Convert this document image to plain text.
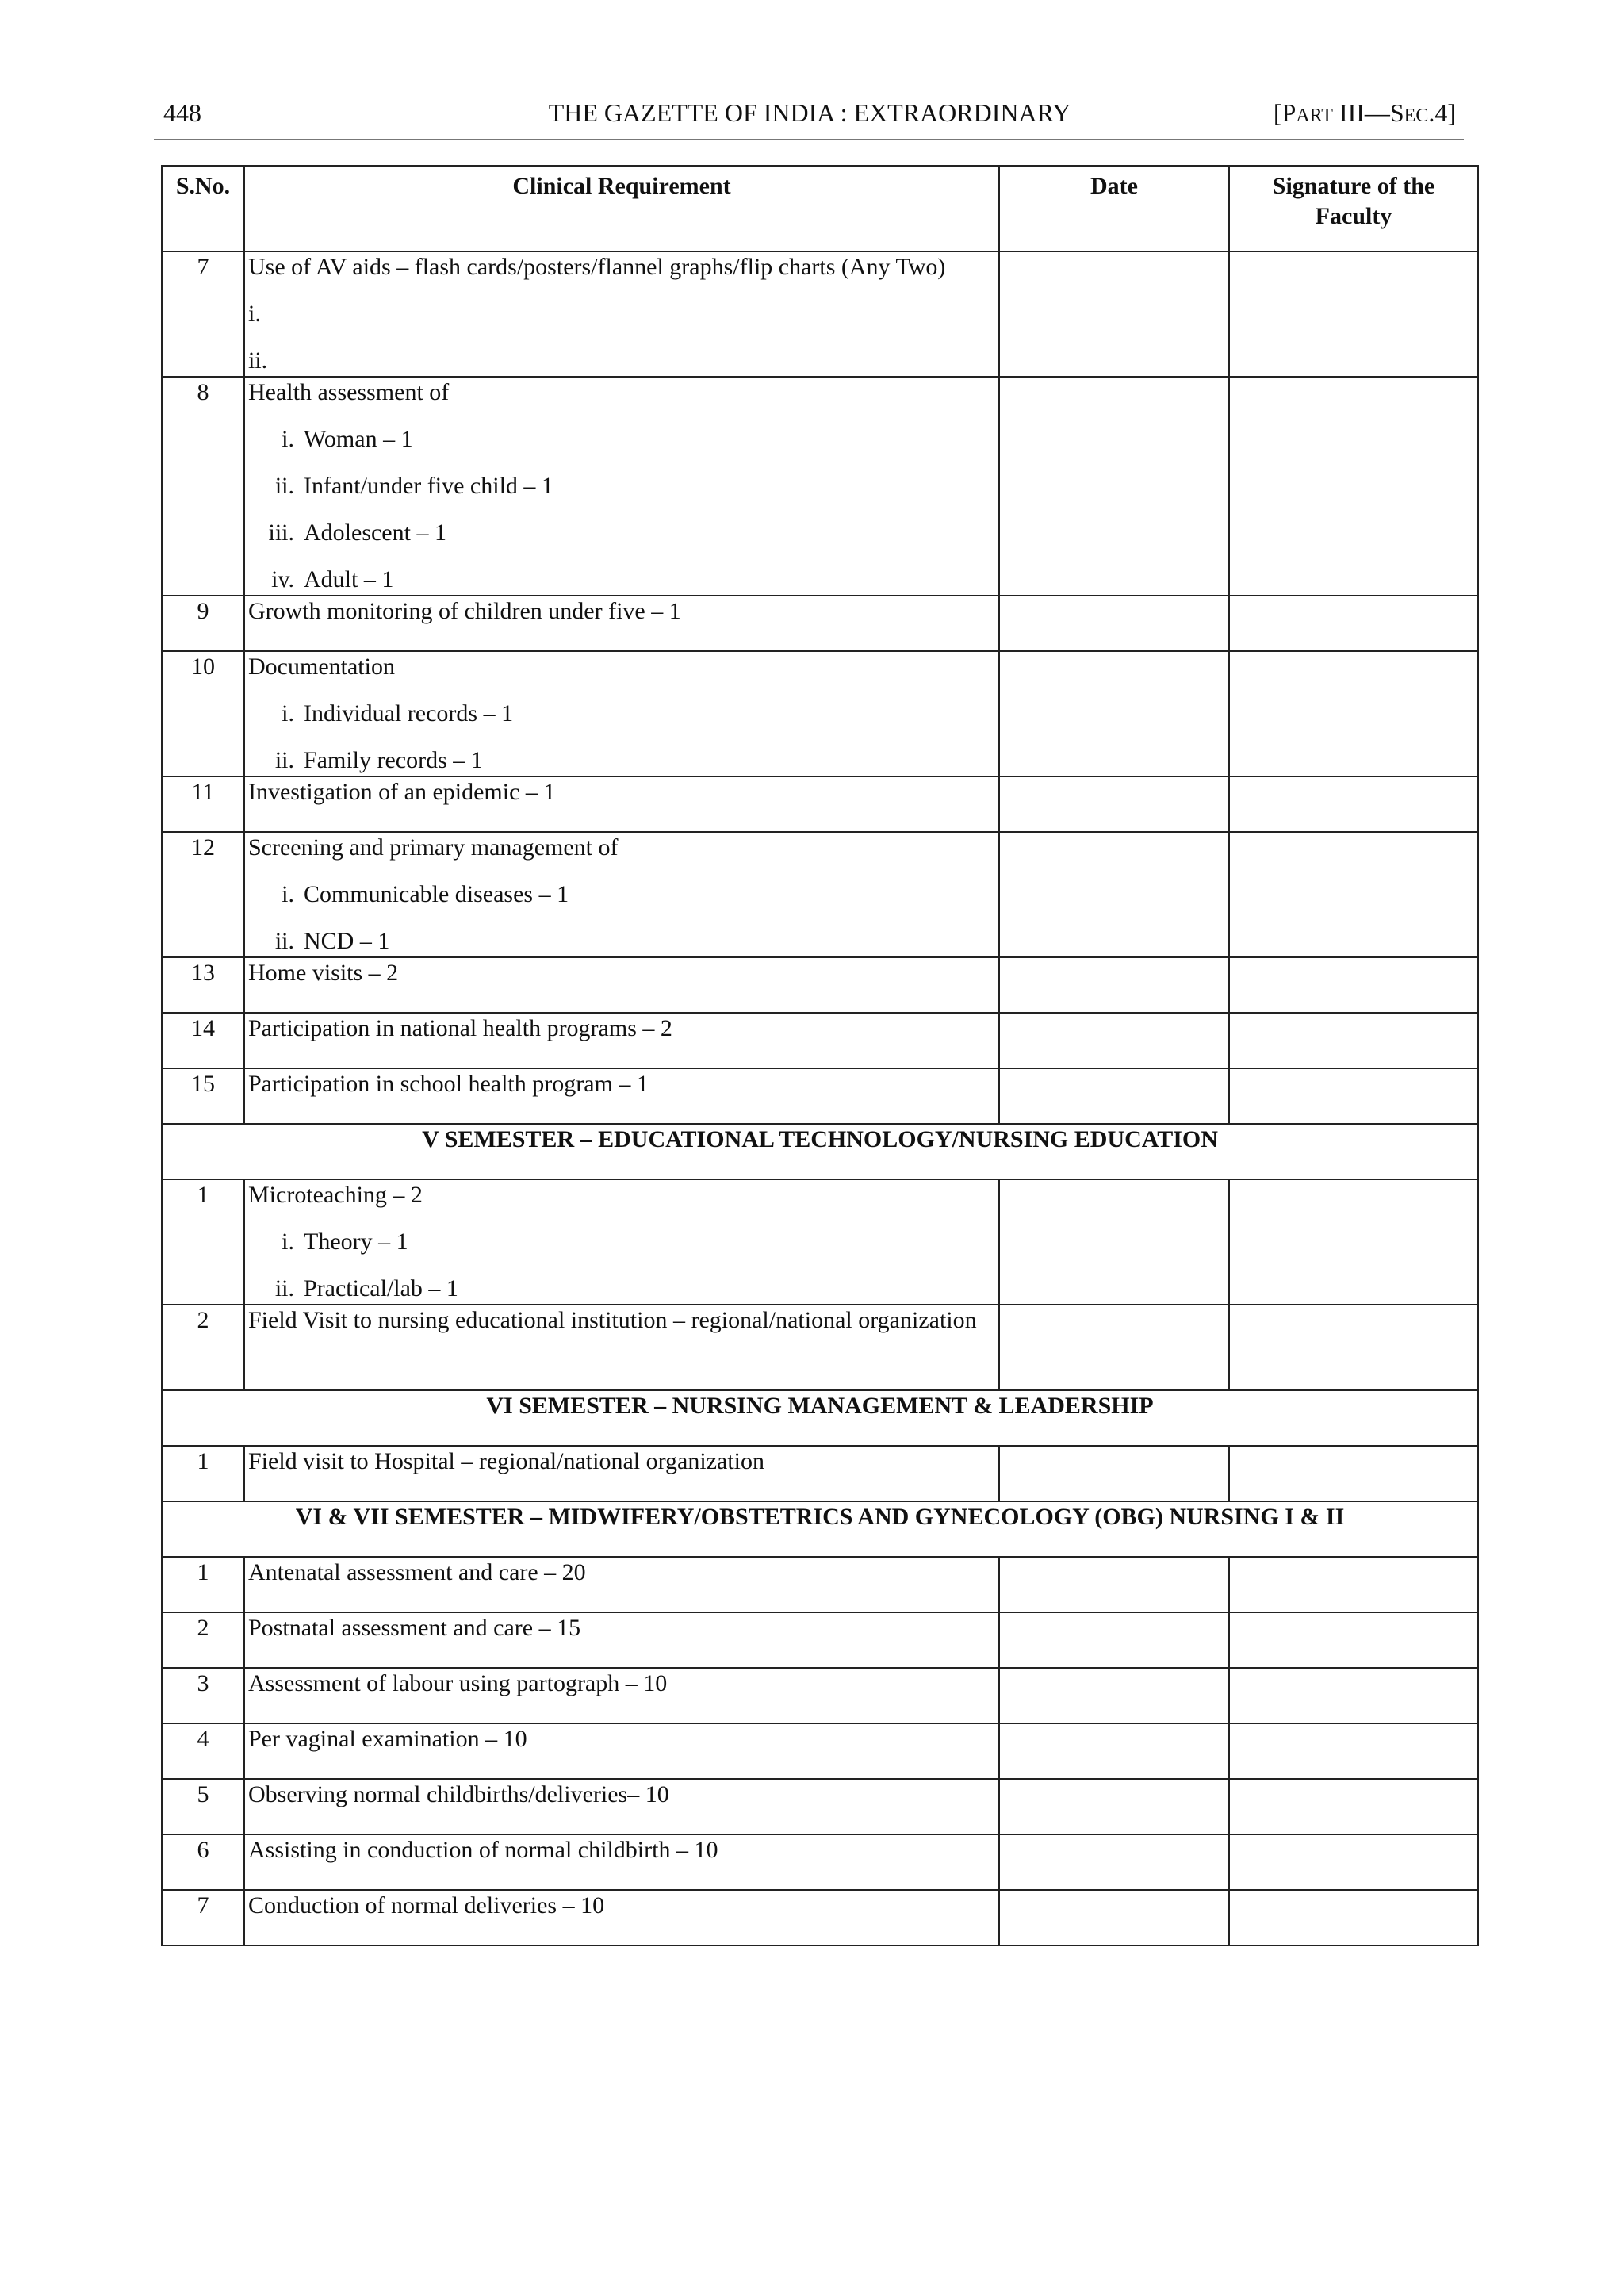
448	THE GAZETTE OF INDIA : EXTRAORDINARY	[PART III—SEC.4]
S.No.	Clinical Requirement	Date	Signature of the Faculty
7	Use of AV aids – flash cards/posters/flannel graphs/flip charts (Any Two)
i.
ii.		

8	Health assessment of
i. Woman – 1
ii. Infant/under five child – 1
iii. Adolescent – 1
iv. Adult – 1		

9	Growth monitoring of children under five – 1		

10	Documentation
i. Individual records – 1
ii. Family records – 1		

11	Investigation of an epidemic – 1		

12	Screening and primary management of
i. Communicable diseases – 1
ii. NCD – 1		

13	Home visits – 2		

14	Participation in national health programs – 2		

15	Participation in school health program – 1		

V SEMESTER – EDUCATIONAL TECHNOLOGY/NURSING EDUCATION			
1	Microteaching – 2
i. Theory – 1
ii. Practical/lab – 1		

2	Field Visit to nursing educational institution – regional/national organization		

VI SEMESTER – NURSING MANAGEMENT & LEADERSHIP			
1	Field visit to Hospital – regional/national organization		

VI & VII SEMESTER – MIDWIFERY/OBSTETRICS AND GYNECOLOGY (OBG) NURSING I & II			
1	Antenatal assessment and care – 20		

2	Postnatal assessment and care – 15		

3	Assessment of labour using partograph – 10		

4	Per vaginal examination – 10		

5	Observing normal childbirths/deliveries– 10		

6	Assisting in conduction of normal childbirth – 10		

7	Conduction of normal deliveries – 10		
